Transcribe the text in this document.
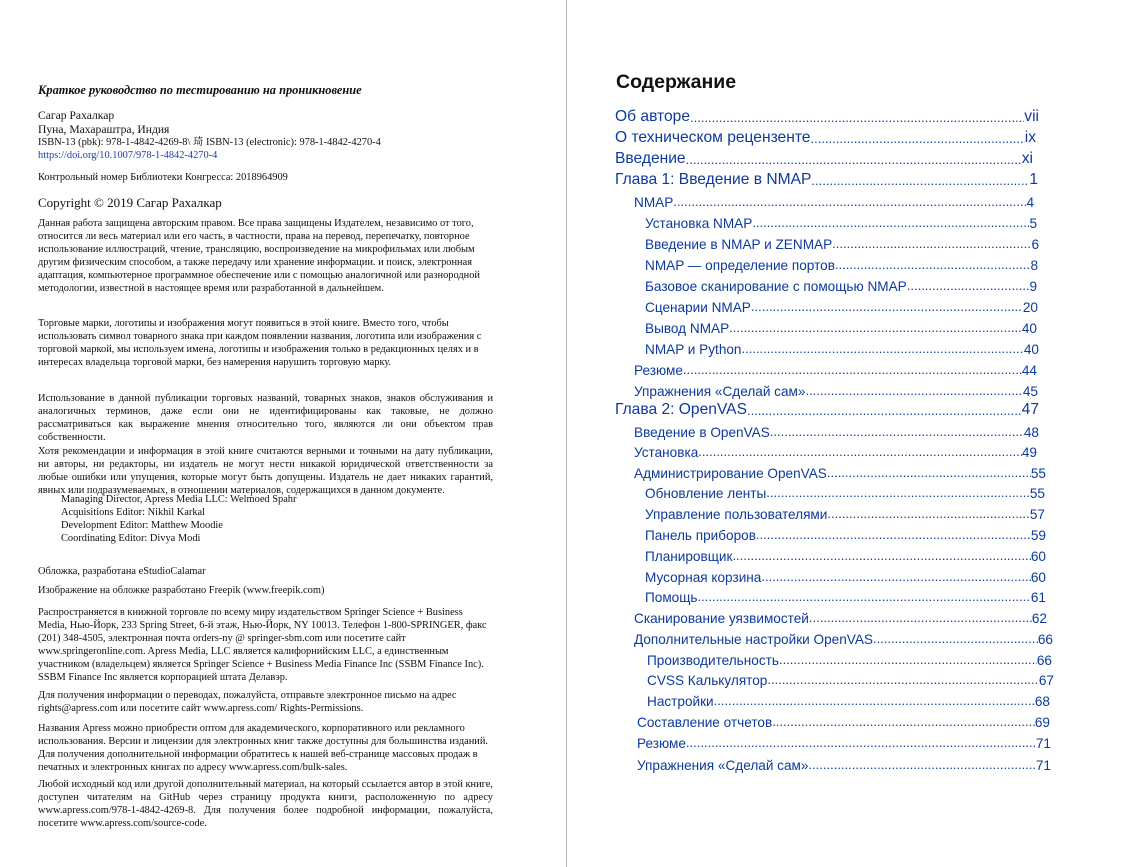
Краткое руководство по тестированию на проникновение

Сагар Рахалкар

Пуна, Махараштра, Индия

ISBN-13 (pbk): 978-1-4842-4269-8\ 琦 ISBN-13 (electronic): 978-1-4842-4270-4

https://doi.org/10.1007/978-1-4842-4270-4

Контрольный номер Библиотеки Конгресса: 2018964909

Copyright © 2019 Сагар Рахалкар

Данная работа защищена авторским правом. Все права защищены Издателем, независимо от того, относится ли весь материал или его часть, в частности, права на перевод, перепечатку, повторное использование иллюстраций, чтение, трансляцию, воспроизведение на микрофильмах или любым другим физическим способом, а также передачу или хранение информации. и поиск, электронная адаптация, компьютерное программное обеспечение или с помощью аналогичной или разнородной методологии, известной в настоящее время или разработанной в дальнейшем.

Торговые марки, логотипы и изображения могут появиться в этой книге. Вместо того, чтобы использовать символ товарного знака при каждом появлении названия, логотипа или изображения с торговой маркой, мы используем имена, логотипы и изображения только в редакционных целях и в интересах владельца торговой марки, без намерения нарушить торговую марку.

Использование в данной публикации торговых названий, товарных знаков, знаков обслуживания и аналогичных терминов, даже если они не идентифицированы как таковые, не должно рассматриваться как выражение мнения относительно того, являются ли они объектом прав собственности.

Хотя рекомендации и информация в этой книге считаются верными и точными на дату публикации, ни авторы, ни редакторы, ни издатель не могут нести никакой юридической ответственности за любые ошибки или упущения, которые могут быть допущены. Издатель не дает никаких гарантий, явных или подразумеваемых, в отношении материалов, содержащихся в данном документе.

Managing Director, Apress Media LLC: Welmoed Spahr

Acquisitions Editor: Nikhil Karkal

Development Editor: Matthew Moodie

Coordinating Editor: Divya Modi

Обложка, разработана eStudioCalamar

Изображение на обложке разработано Freepik (www.freepik.com)

Распространяется в книжной торговле по всему миру издательством Springer Science + Business Media, Нью-Йорк, 233 Spring Street, 6-й этаж, Нью-Йорк, NY 10013. Телефон 1-800-SPRINGER, факс (201) 348-4505, электронная почта orders-ny @ springer-sbm.com или посетите сайт www.springeronline.com. Apress Media, LLC является калифорнийским LLC, а единственным участником (владельцем) является Springer Science + Business Media Finance Inc (SSBM Finance Inc). SSBM Finance Inc является корпорацией штата Делавэр.

Для получения информации о переводах, пожалуйста, отправьте электронное письмо на адрес rights@apress.com или посетите сайт www.apress.com/ Rights-Permissions.

Названия Apress можно приобрести оптом для академического, корпоративного или рекламного использования. Версии и лицензии для электронных книг также доступны для большинства изданий. Для получения дополнительной информации обратитесь к нашей веб-странице массовых продаж в печатных и электронных книгах по адресу www.apress.com/bulk-sales.

Любой исходный код или другой дополнительный материал, на который ссылается автор в этой книге, доступен читателям на GitHub через страницу продукта книги, расположенную по адресу www.apress.com/978-1-4842-4269-8. Для получения более подробной информации, пожалуйста, посетите www.apress.com/source-code.

Содержание
Об авторе .....	vii
О техническом рецензенте .....	ix
Введение .....	xi
Глава 1: Введение в NMAP .....	1
NMAP .....	4
Установка NMAP .....	5
Введение в NMAP и ZENMAP .....	6
NMAP — определение портов .....	8
Базовое сканирование с помощью NMAP .....	9
Сценарии NMAP .....	20
Вывод NMAP .....	40
NMAP и Python .....	40
Резюме .....	44
Упражнения «Сделай сам» .....	45
Глава 2: OpenVAS .....	47
Введение в OpenVAS .....	48
Установка .....	49
Администрирование OpenVAS .....	55
Обновление ленты .....	55
Управление пользователями .....	57
Панель приборов .....	59
Планировщик .....	60
Мусорная корзина .....	60
Помощь .....	61
Сканирование уязвимостей .....	62
Дополнительные настройки OpenVAS .....	66
Производительность .....	66
CVSS Калькулятор .....	67
Настройки .....	68
Составление отчетов .....	69
Резюме .....	71
Упражнения «Сделай сам» .....	71
